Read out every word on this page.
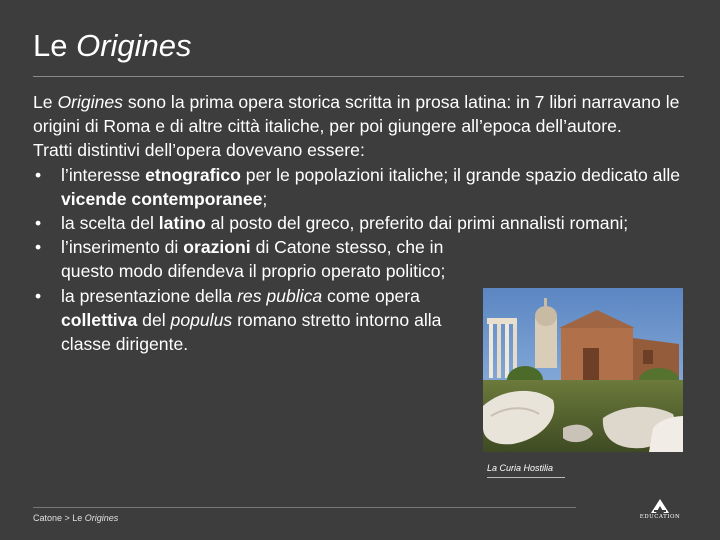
Le Origines

Le Origines sono la prima opera storica scritta in prosa latina: in 7 libri narravano le origini di Roma e di altre città italiche, per poi giungere all’epoca dell’autore.

Tratti distintivi dell’opera dovevano essere:

• l’interesse etnografico per le popolazioni italiche; il grande spazio dedicato alle vicende contemporanee;
• la scelta del latino al posto del greco, preferito dai primi annalisti romani;
• l’inserimento di orazioni di Catone stesso, che in questo modo difendeva il proprio operato politico;
• la presentazione della res publica come opera collettiva del populus romano stretto intorno alla classe dirigente.
La Curia Hostilia
Catone > Le Origines	EDUCATION
